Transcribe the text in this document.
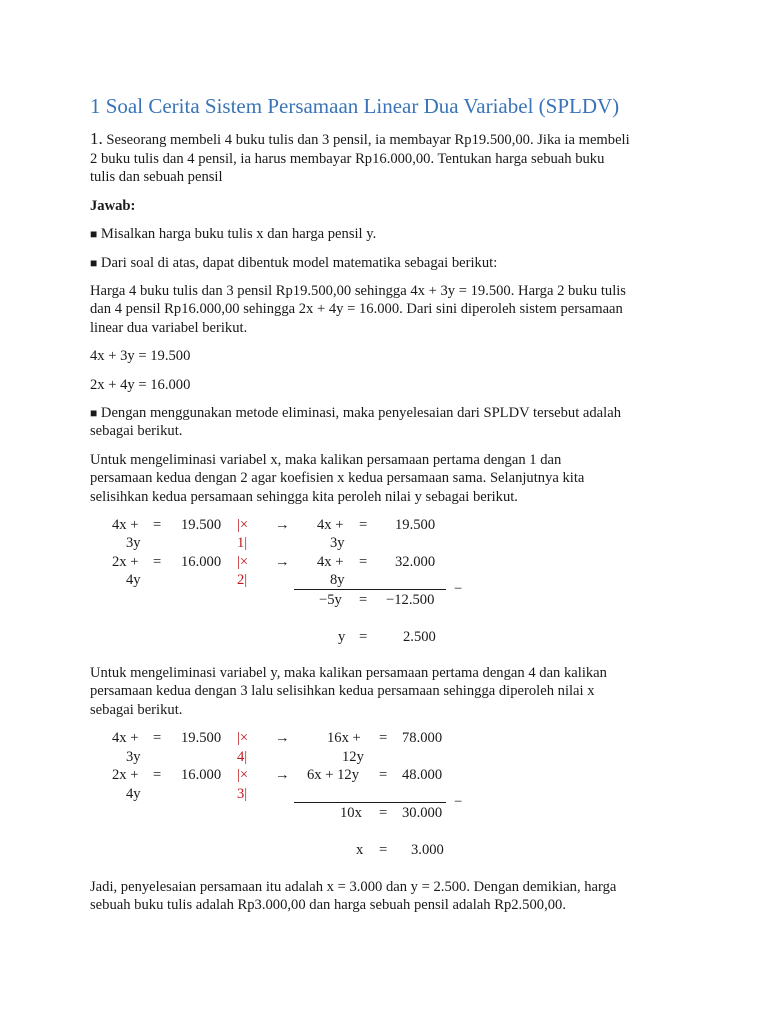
1 Soal Cerita Sistem Persamaan Linear Dua Variabel (SPLDV)

1. Seseorang membeli 4 buku tulis dan 3 pensil, ia membayar Rp19.500,00. Jika ia membeli

2 buku tulis dan 4 pensil, ia harus membayar Rp16.000,00. Tentukan harga sebuah buku

tulis dan sebuah pensil

Jawab:

■ Misalkan harga buku tulis x dan harga pensil y.

■ Dari soal di atas, dapat dibentuk model matematika sebagai berikut:

Harga 4 buku tulis dan 3 pensil Rp19.500,00 sehingga 4x + 3y = 19.500. Harga 2 buku tulis

dan 4 pensil Rp16.000,00 sehingga 2x + 4y = 16.000. Dari sini diperoleh sistem persamaan

linear dua variabel berikut.

4x + 3y = 19.500

2x + 4y = 16.000

■ Dengan menggunakan metode eliminasi, maka penyelesaian dari SPLDV tersebut adalah

sebagai berikut.

Untuk mengeliminasi variabel x, maka kalikan persamaan pertama dengan 1 dan

persamaan kedua dengan 2 agar koefisien x kedua persamaan sama. Selanjutnya kita

selisihkan kedua persamaan sehingga kita peroleh nilai y sebagai berikut.

4x +
3y
= 19.500 |×
1|
→ 4x +
3y
= 19.500
2x +
4y
= 16.000 |×
2|
→ 4x +
8y
= 32.000
−
−5y = −12.500
y = 2.500

Untuk mengeliminasi variabel y, maka kalikan persamaan pertama dengan 4 dan kalikan

persamaan kedua dengan 3 lalu selisihkan kedua persamaan sehingga diperoleh nilai x

sebagai berikut.

4x +
3y
= 19.500 |×
4|
→	16x +
12y
= 78.000
2x +
4y
= 16.000 |×
3|
→ 6x + 12y = 48.000
−
10x = 30.000
x = 3.000

Jadi, penyelesaian persamaan itu adalah x = 3.000 dan y = 2.500. Dengan demikian, harga

sebuah buku tulis adalah Rp3.000,00 dan harga sebuah pensil adalah Rp2.500,00.
